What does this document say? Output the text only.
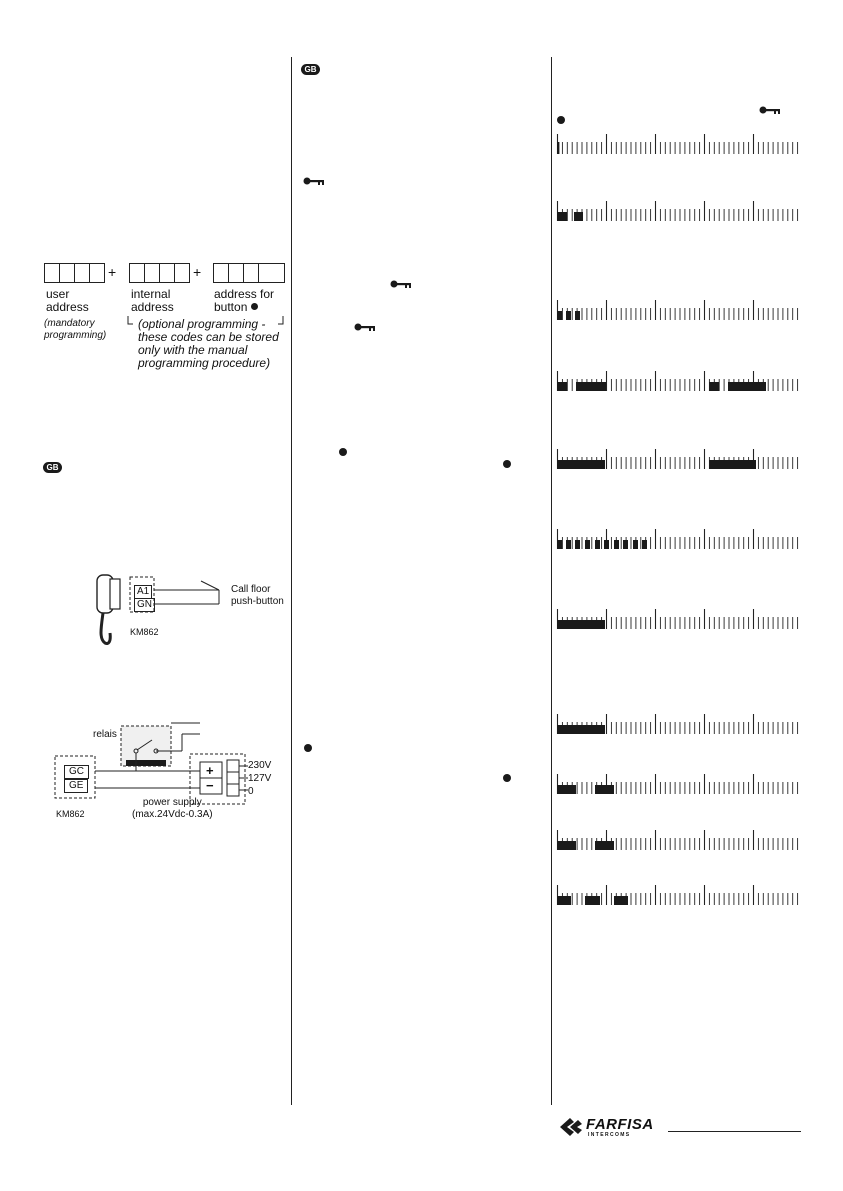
+	+
user
address
(mandatory
programming)
internal
address
address for
button
(optional programming -
these codes can be stored
only with the manual
programming procedure)
GB
A1
GN
KM862
Call floor
push-button
relais
GC
GE
+
−
230V
127V
0
KM862
power supply
(max.24Vdc-0.3A)
GB
FARFISA
I N T E R C O M S
